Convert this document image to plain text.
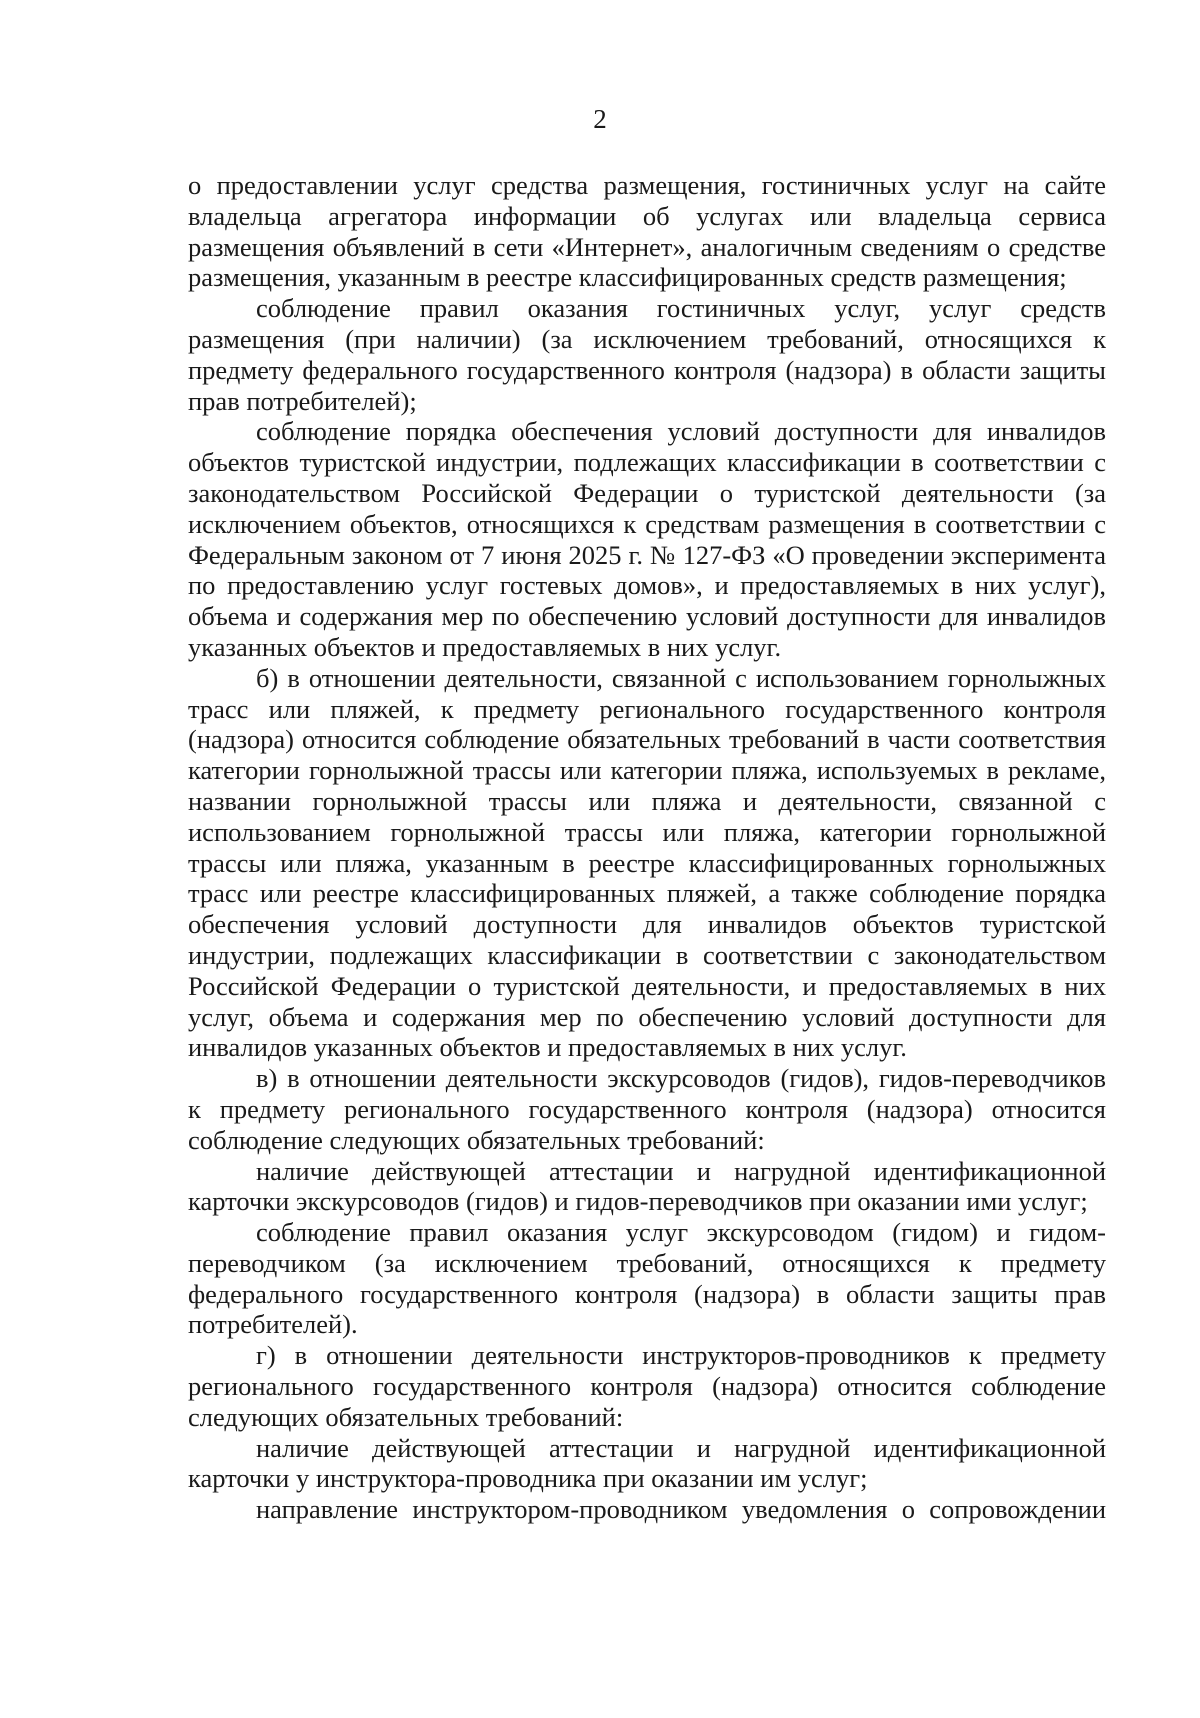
2

о предоставлении услуг средства размещения, гостиничных услуг на сайте владельца агрегатора информации об услугах или владельца сервиса размещения объявлений в сети «Интернет», аналогичным сведениям о средстве размещения, указанным в реестре классифицированных средств размещения;

соблюдение правил оказания гостиничных услуг, услуг средств размещения (при наличии) (за исключением требований, относящихся к предмету федерального государственного контроля (надзора) в области защиты прав потребителей);

соблюдение порядка обеспечения условий доступности для инвалидов объектов туристской индустрии, подлежащих классификации в соответствии с законодательством Российской Федерации о туристской деятельности (за исключением объектов, относящихся к средствам размещения в соответствии с Федеральным законом от 7 июня 2025 г. № 127-ФЗ «О проведении эксперимента по предоставлению услуг гостевых домов», и предоставляемых в них услуг), объема и содержания мер по обеспечению условий доступности для инвалидов указанных объектов и предоставляемых в них услуг.

б) в отношении деятельности, связанной с использованием горнолыжных трасс или пляжей, к предмету регионального государственного контроля (надзора) относится соблюдение обязательных требований в части соответствия категории горнолыжной трассы или категории пляжа, используемых в рекламе, названии горнолыжной трассы или пляжа и деятельности, связанной с использованием горнолыжной трассы или пляжа, категории горнолыжной трассы или пляжа, указанным в реестре классифицированных горнолыжных трасс или реестре классифицированных пляжей, а также соблюдение порядка обеспечения условий доступности для инвалидов объектов туристской индустрии, подлежащих классификации в соответствии с законодательством Российской Федерации о туристской деятельности, и предоставляемых в них услуг, объема и содержания мер по обеспечению условий доступности для инвалидов указанных объектов и предоставляемых в них услуг.

в) в отношении деятельности экскурсоводов (гидов), гидов-переводчиков к предмету регионального государственного контроля (надзора) относится соблюдение следующих обязательных требований:

наличие действующей аттестации и нагрудной идентификационной карточки экскурсоводов (гидов) и гидов-переводчиков при оказании ими услуг;

соблюдение правил оказания услуг экскурсоводом (гидом) и гидом-переводчиком (за исключением требований, относящихся к предмету федерального государственного контроля (надзора) в области защиты прав потребителей).

г) в отношении деятельности инструкторов-проводников к предмету регионального государственного контроля (надзора) относится соблюдение следующих обязательных требований:

наличие действующей аттестации и нагрудной идентификационной карточки у инструктора-проводника при оказании им услуг;

направление инструктором-проводником уведомления о сопровождении
